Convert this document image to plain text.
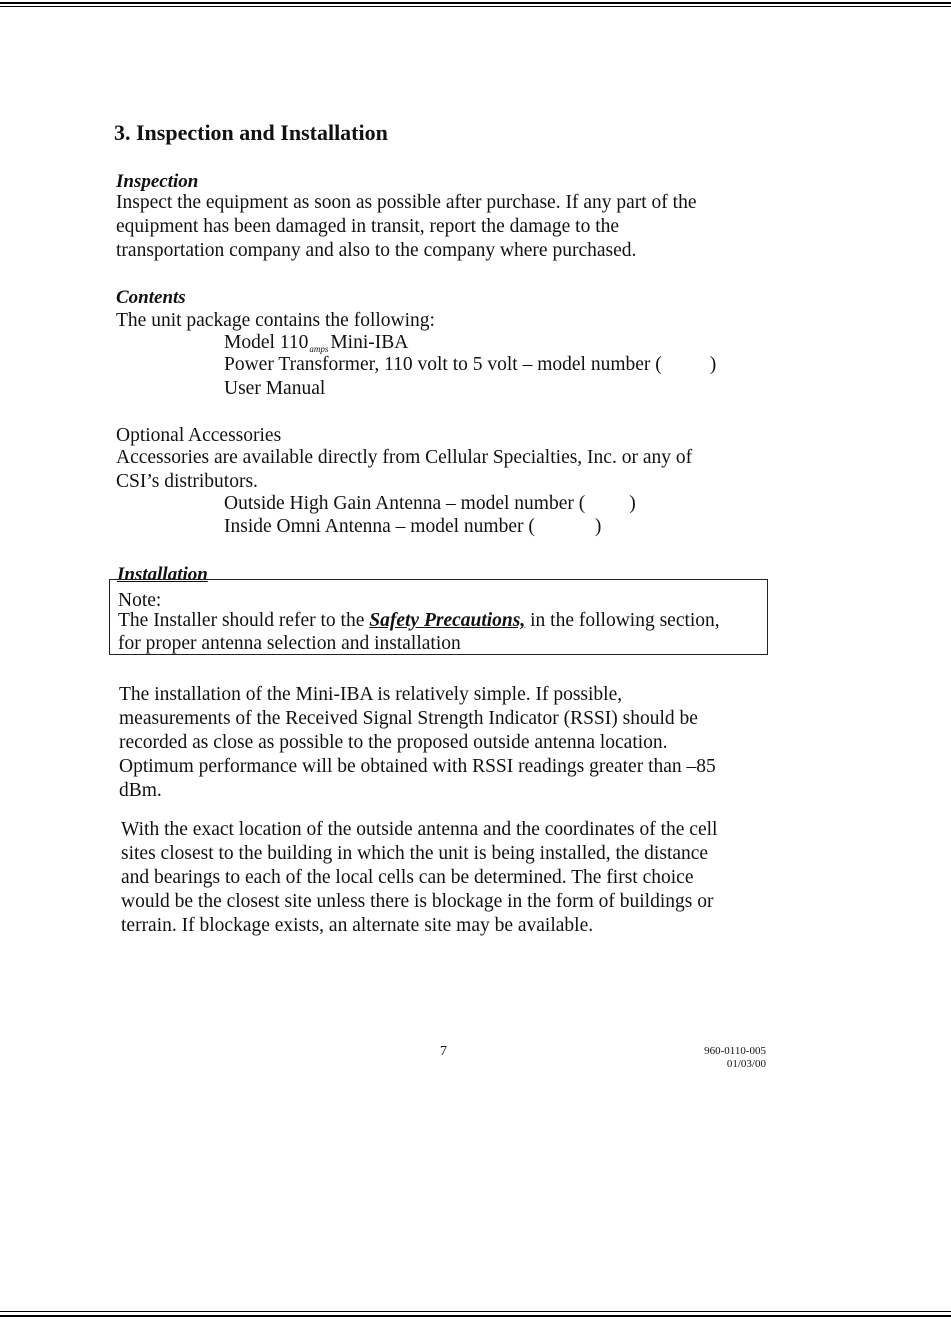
3. Inspection and Installation
Inspection
Inspect the equipment as soon as possible after purchase. If any part of the
equipment has been damaged in transit, report the damage to the
transportation company and also to the company where purchased.
Contents
The unit package contains the following:
Model $110_{amps}$ Mini-IBA
Power Transformer, 110 volt to 5 volt – model number ( )
User Manual
Optional Accessories
Accessories are available directly from Cellular Specialties, Inc. or any of
CSI’s distributors.
Outside High Gain Antenna – model number ( )
Inside Omni Antenna – model number (	)
Installation
Note:
The Installer should refer to the Safety Precautions, in the following section,
for proper antenna selection and installation
The installation of the Mini-IBA is relatively simple. If possible,
measurements of the Received Signal Strength Indicator (RSSI) should be
recorded as close as possible to the proposed outside antenna location.
Optimum performance will be obtained with RSSI readings greater than –85
dBm.
With the exact location of the outside antenna and the coordinates of the cell
sites closest to the building in which the unit is being installed, the distance
and bearings to each of the local cells can be determined. The first choice
would be the closest site unless there is blockage in the form of buildings or
terrain. If blockage exists, an alternate site may be available.
7	960-0110-005
01/03/00
